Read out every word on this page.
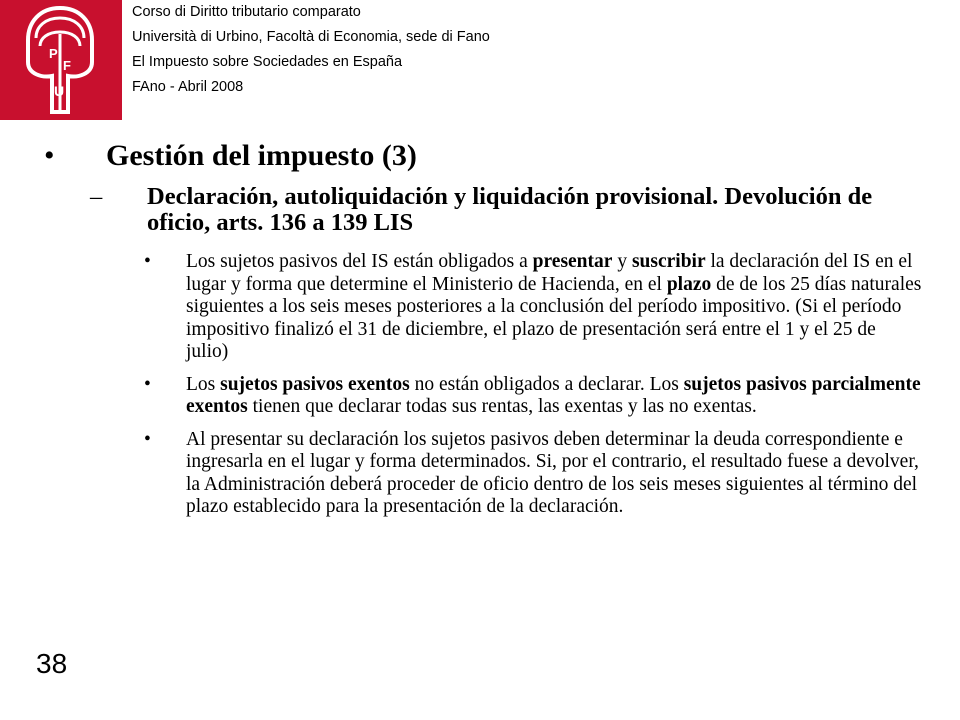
P
F
U
Corso di Diritto tributario comparato
Università di Urbino, Facoltà di Economia, sede di Fano
El Impuesto sobre Sociedades en España
FAno - Abril 2008
• Gestión del impuesto (3)
– Declaración, autoliquidación y liquidación provisional. Devolución de oficio, arts. 136 a 139 LIS
• Los sujetos pasivos del IS están obligados a presentar y suscribir la declaración del IS en el lugar y forma que determine el Ministerio de Hacienda, en el plazo de de los 25 días naturales siguientes a los seis meses posteriores a la conclusión del período impositivo. (Si el período impositivo finalizó el 31 de diciembre, el plazo de presentación será entre el 1 y el 25 de julio)
• Los sujetos pasivos exentos no están obligados a declarar. Los sujetos pasivos parcialmente exentos tienen que declarar todas sus rentas, las exentas y las no exentas.
• Al presentar su declaración los sujetos pasivos deben determinar la deuda correspondiente e ingresarla en el lugar y forma determinados. Si, por el contrario, el resultado fuese a devolver, la Administración deberá proceder de oficio dentro de los seis meses siguientes al término del plazo establecido para la presentación de la declaración.
38
